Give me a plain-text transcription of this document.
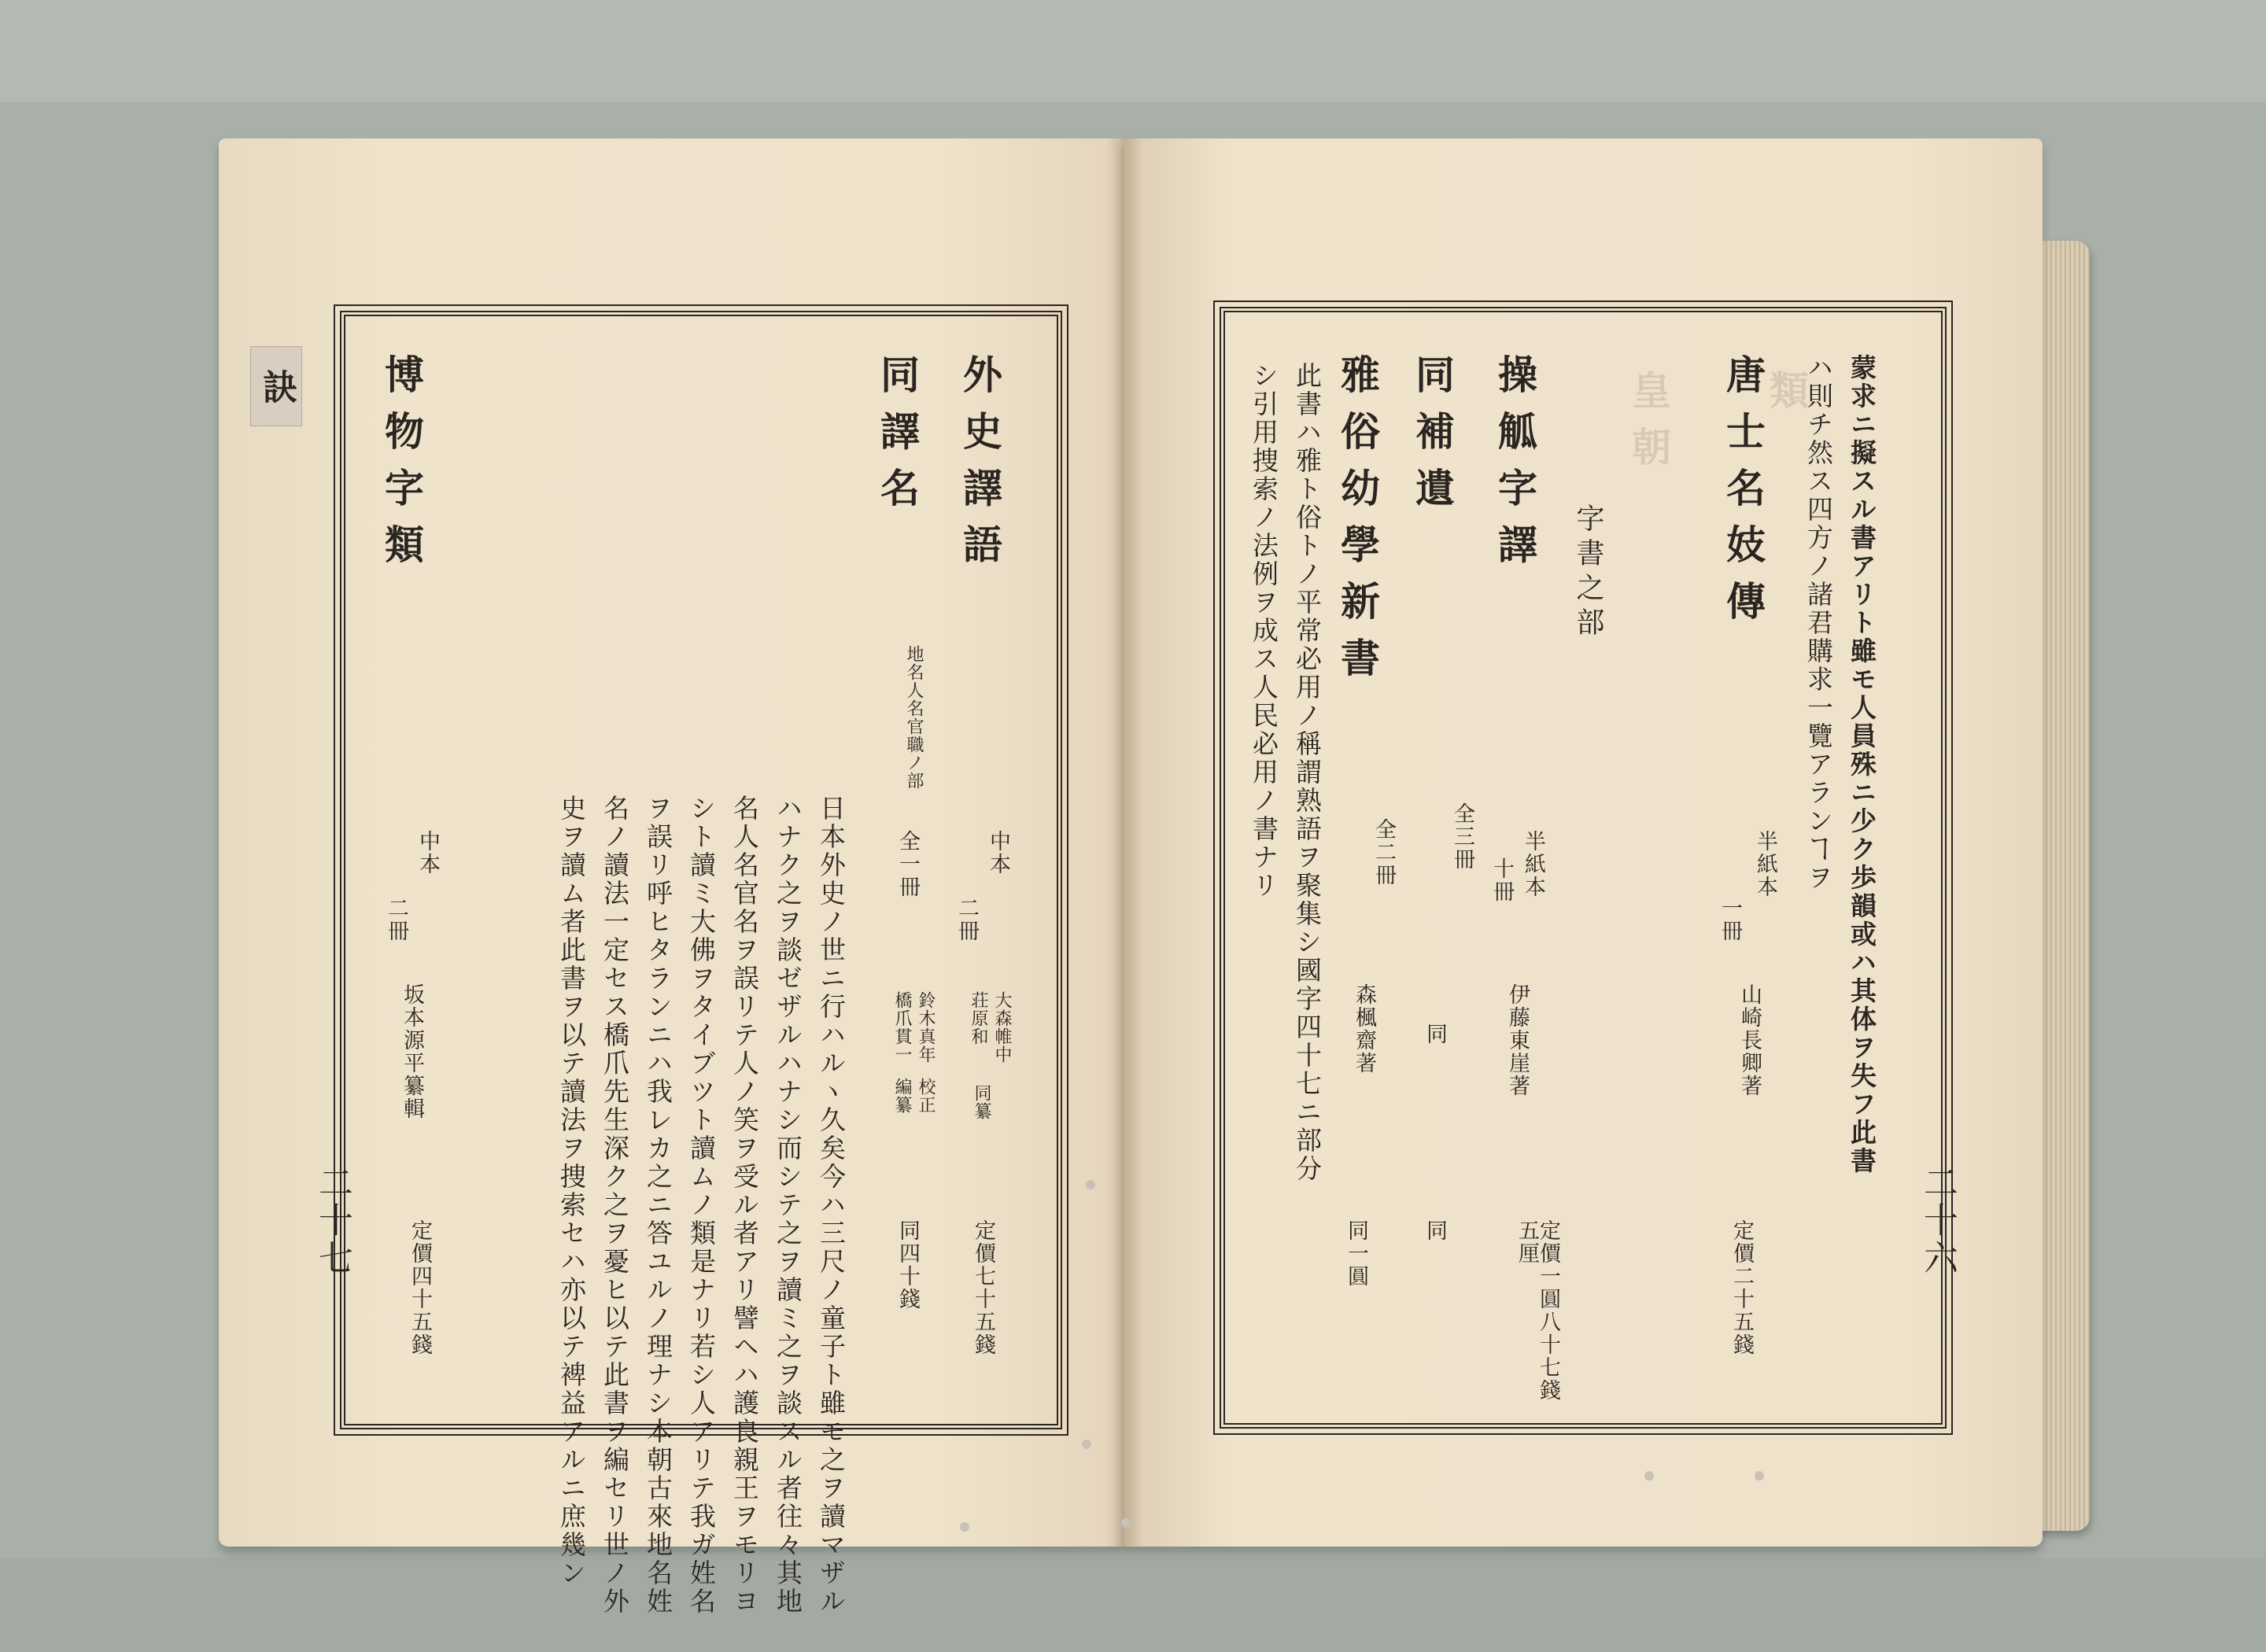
皇朝 類
訣
二十七
外史譯語
中本
二冊
大森帷中
荘原和
同纂
定價七十五錢
同譯名
地名人名官職ノ部
全一冊
鈴木真年
校正
橋爪貫一
編纂
同四十錢
日本外史ノ世ニ行ハルヽ久矣今ハ三尺ノ童子ト雖モ之ヲ讀マザル
ハナク之ヲ談ゼザルハナシ而シテ之ヲ讀ミ之ヲ談スル者往々其地
名人名官名ヲ誤リテ人ノ笑ヲ受ル者アリ譬ヘハ護良親王ヲモリヨ
シト讀ミ大佛ヲタイブツト讀ムノ類是ナリ若シ人アリテ我ガ姓名
ヲ誤リ呼ヒタランニハ我レカ之ニ答ユルノ理ナシ本朝古來地名姓
名ノ讀法一定セス橋爪先生深ク之ヲ憂ヒ以テ此書ヲ編セリ世ノ外
史ヲ讀ム者此書ヲ以テ讀法ヲ捜索セハ亦以テ裨益アルニ庶幾ン
博物字類
中本
二冊
坂本源平纂輯
定價四十五錢	二十六
蒙求ニ擬スル書アリト雖モ人員殊ニ少ク歩韻或ハ其体ヲ失フ此書
ハ則チ然ス四方ノ諸君購求一覽アランヿヲ
唐士名妓傳
半紙本
一冊
山崎長卿著
定價二十五錢
字書之部
操觚字譯
半紙本
十冊
伊藤東崖著
定價一圓八十七錢五厘
同補遺
全三冊
同
同
雅俗幼學新書
全二冊
森楓齋著
同一圓
此書ハ雅ト俗トノ平常必用ノ稱謂熟語ヲ聚集シ國字四十七ニ部分
シ引用捜索ノ法例ヲ成ス人民必用ノ書ナリ
